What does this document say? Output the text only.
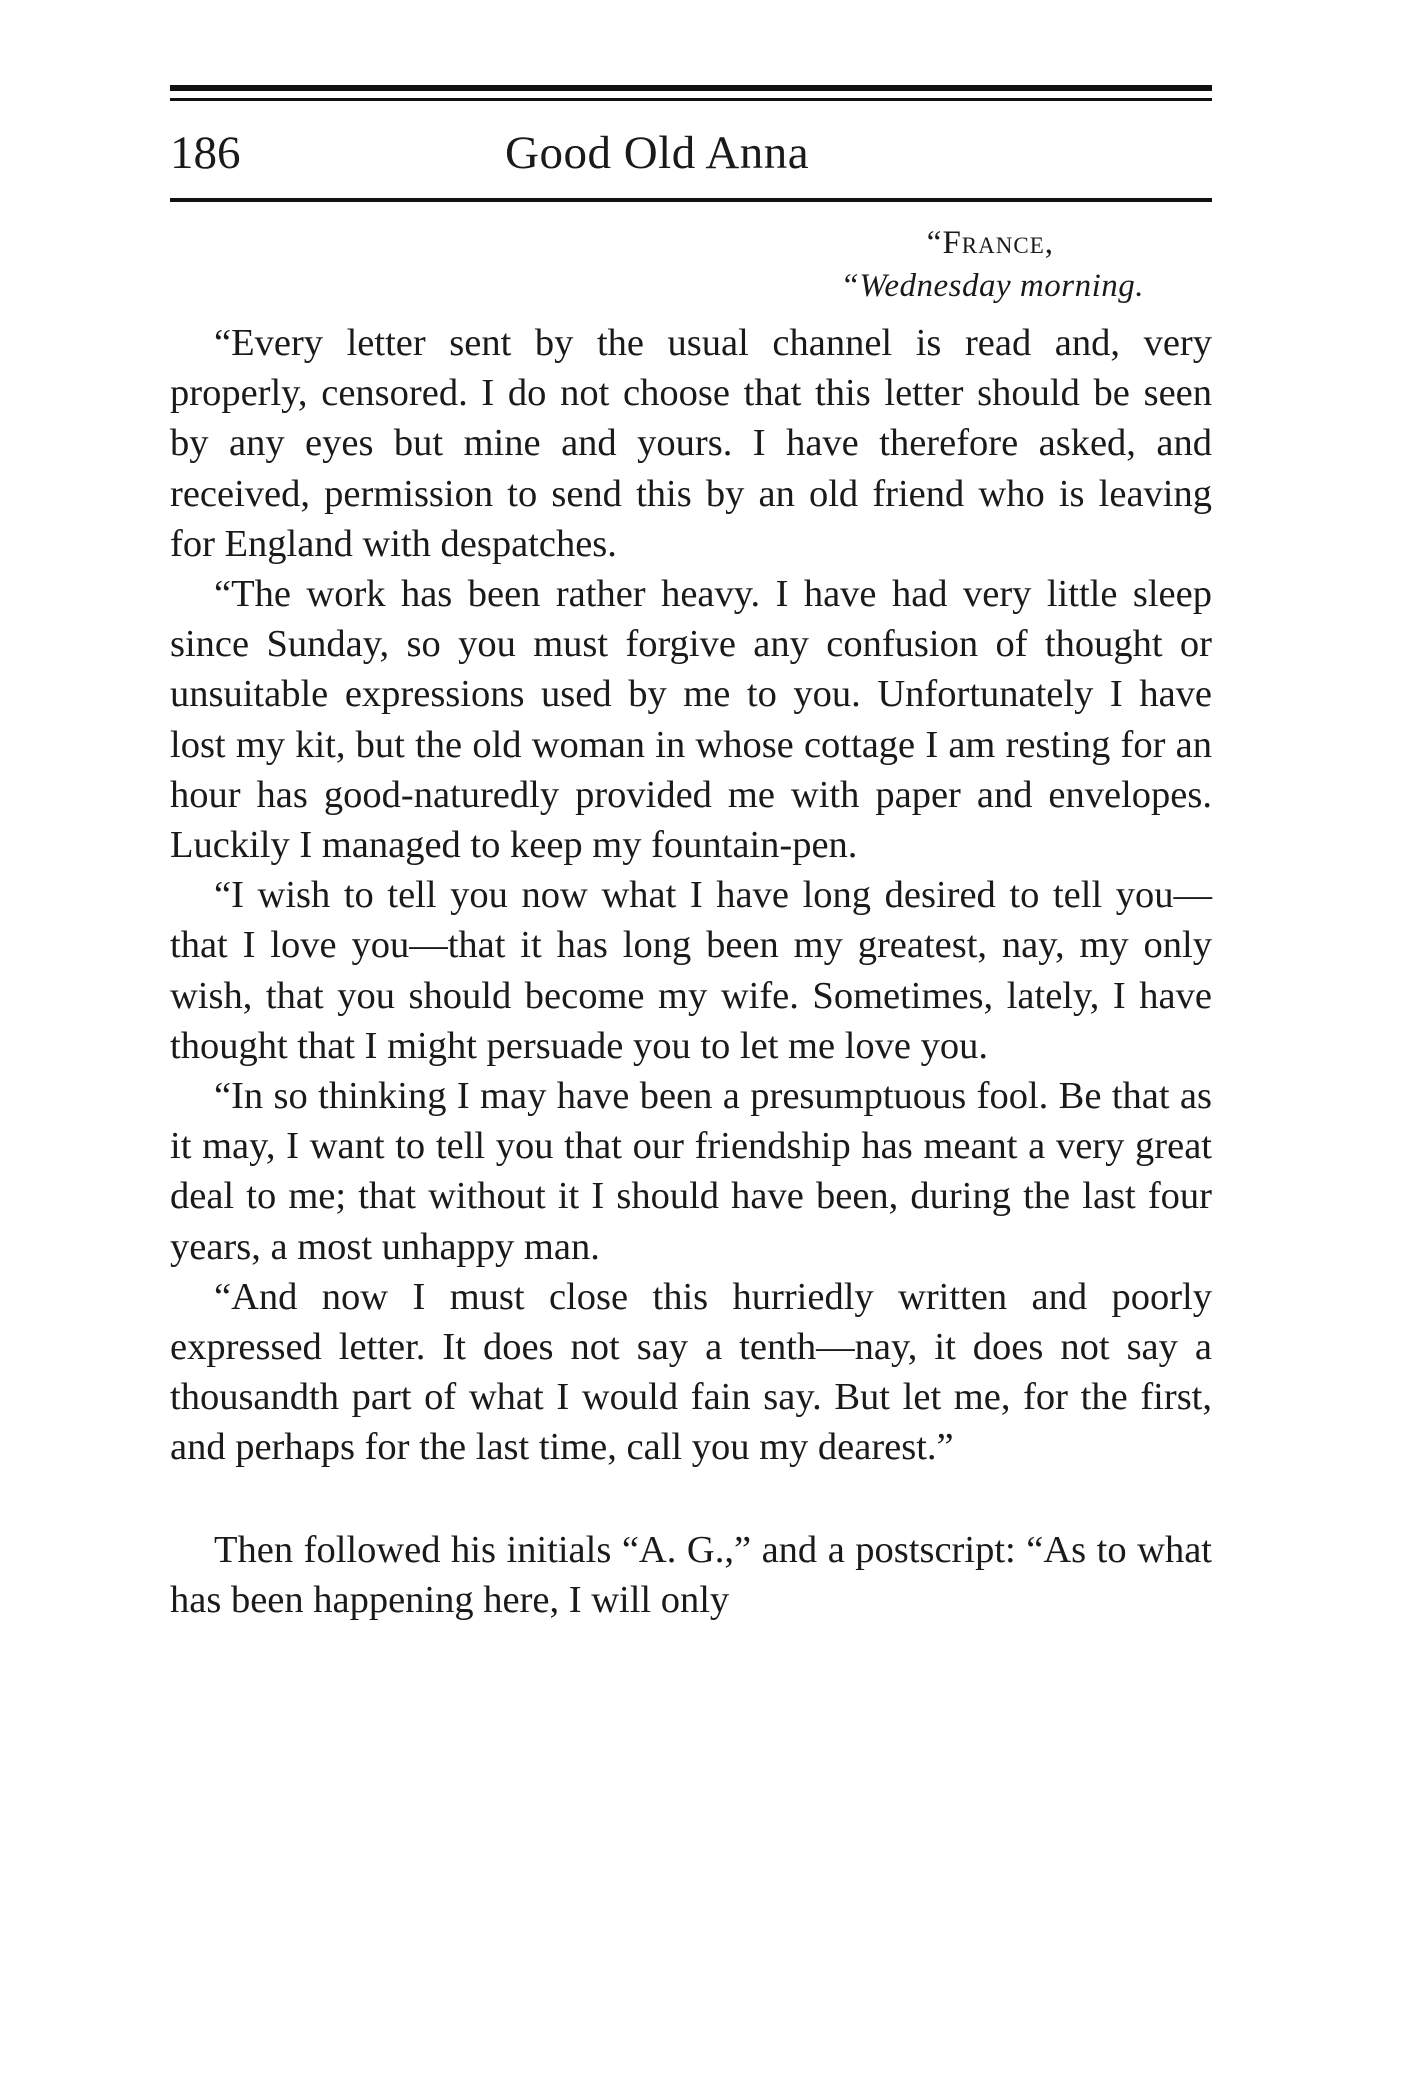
186	Good Old Anna
“France,
“Wednesday morning.

“Every letter sent by the usual channel is read and, very properly, censored. I do not choose that this letter should be seen by any eyes but mine and yours. I have therefore asked, and received, permission to send this by an old friend who is leaving for England with despatches.

“The work has been rather heavy. I have had very little sleep since Sunday, so you must forgive any confusion of thought or unsuitable expressions used by me to you. Unfortunately I have lost my kit, but the old woman in whose cottage I am resting for an hour has good-naturedly provided me with paper and envelopes. Luckily I managed to keep my fountain-pen.

“I wish to tell you now what I have long desired to tell you—that I love you—that it has long been my greatest, nay, my only wish, that you should become my wife. Sometimes, lately, I have thought that I might persuade you to let me love you.

“In so thinking I may have been a presumptuous fool. Be that as it may, I want to tell you that our friendship has meant a very great deal to me; that without it I should have been, during the last four years, a most unhappy man.

“And now I must close this hurriedly written and poorly expressed letter. It does not say a tenth—nay, it does not say a thousandth part of what I would fain say. But let me, for the first, and perhaps for the last time, call you my dearest.”

Then followed his initials “A. G.,” and a postscript: “As to what has been happening here, I will only
